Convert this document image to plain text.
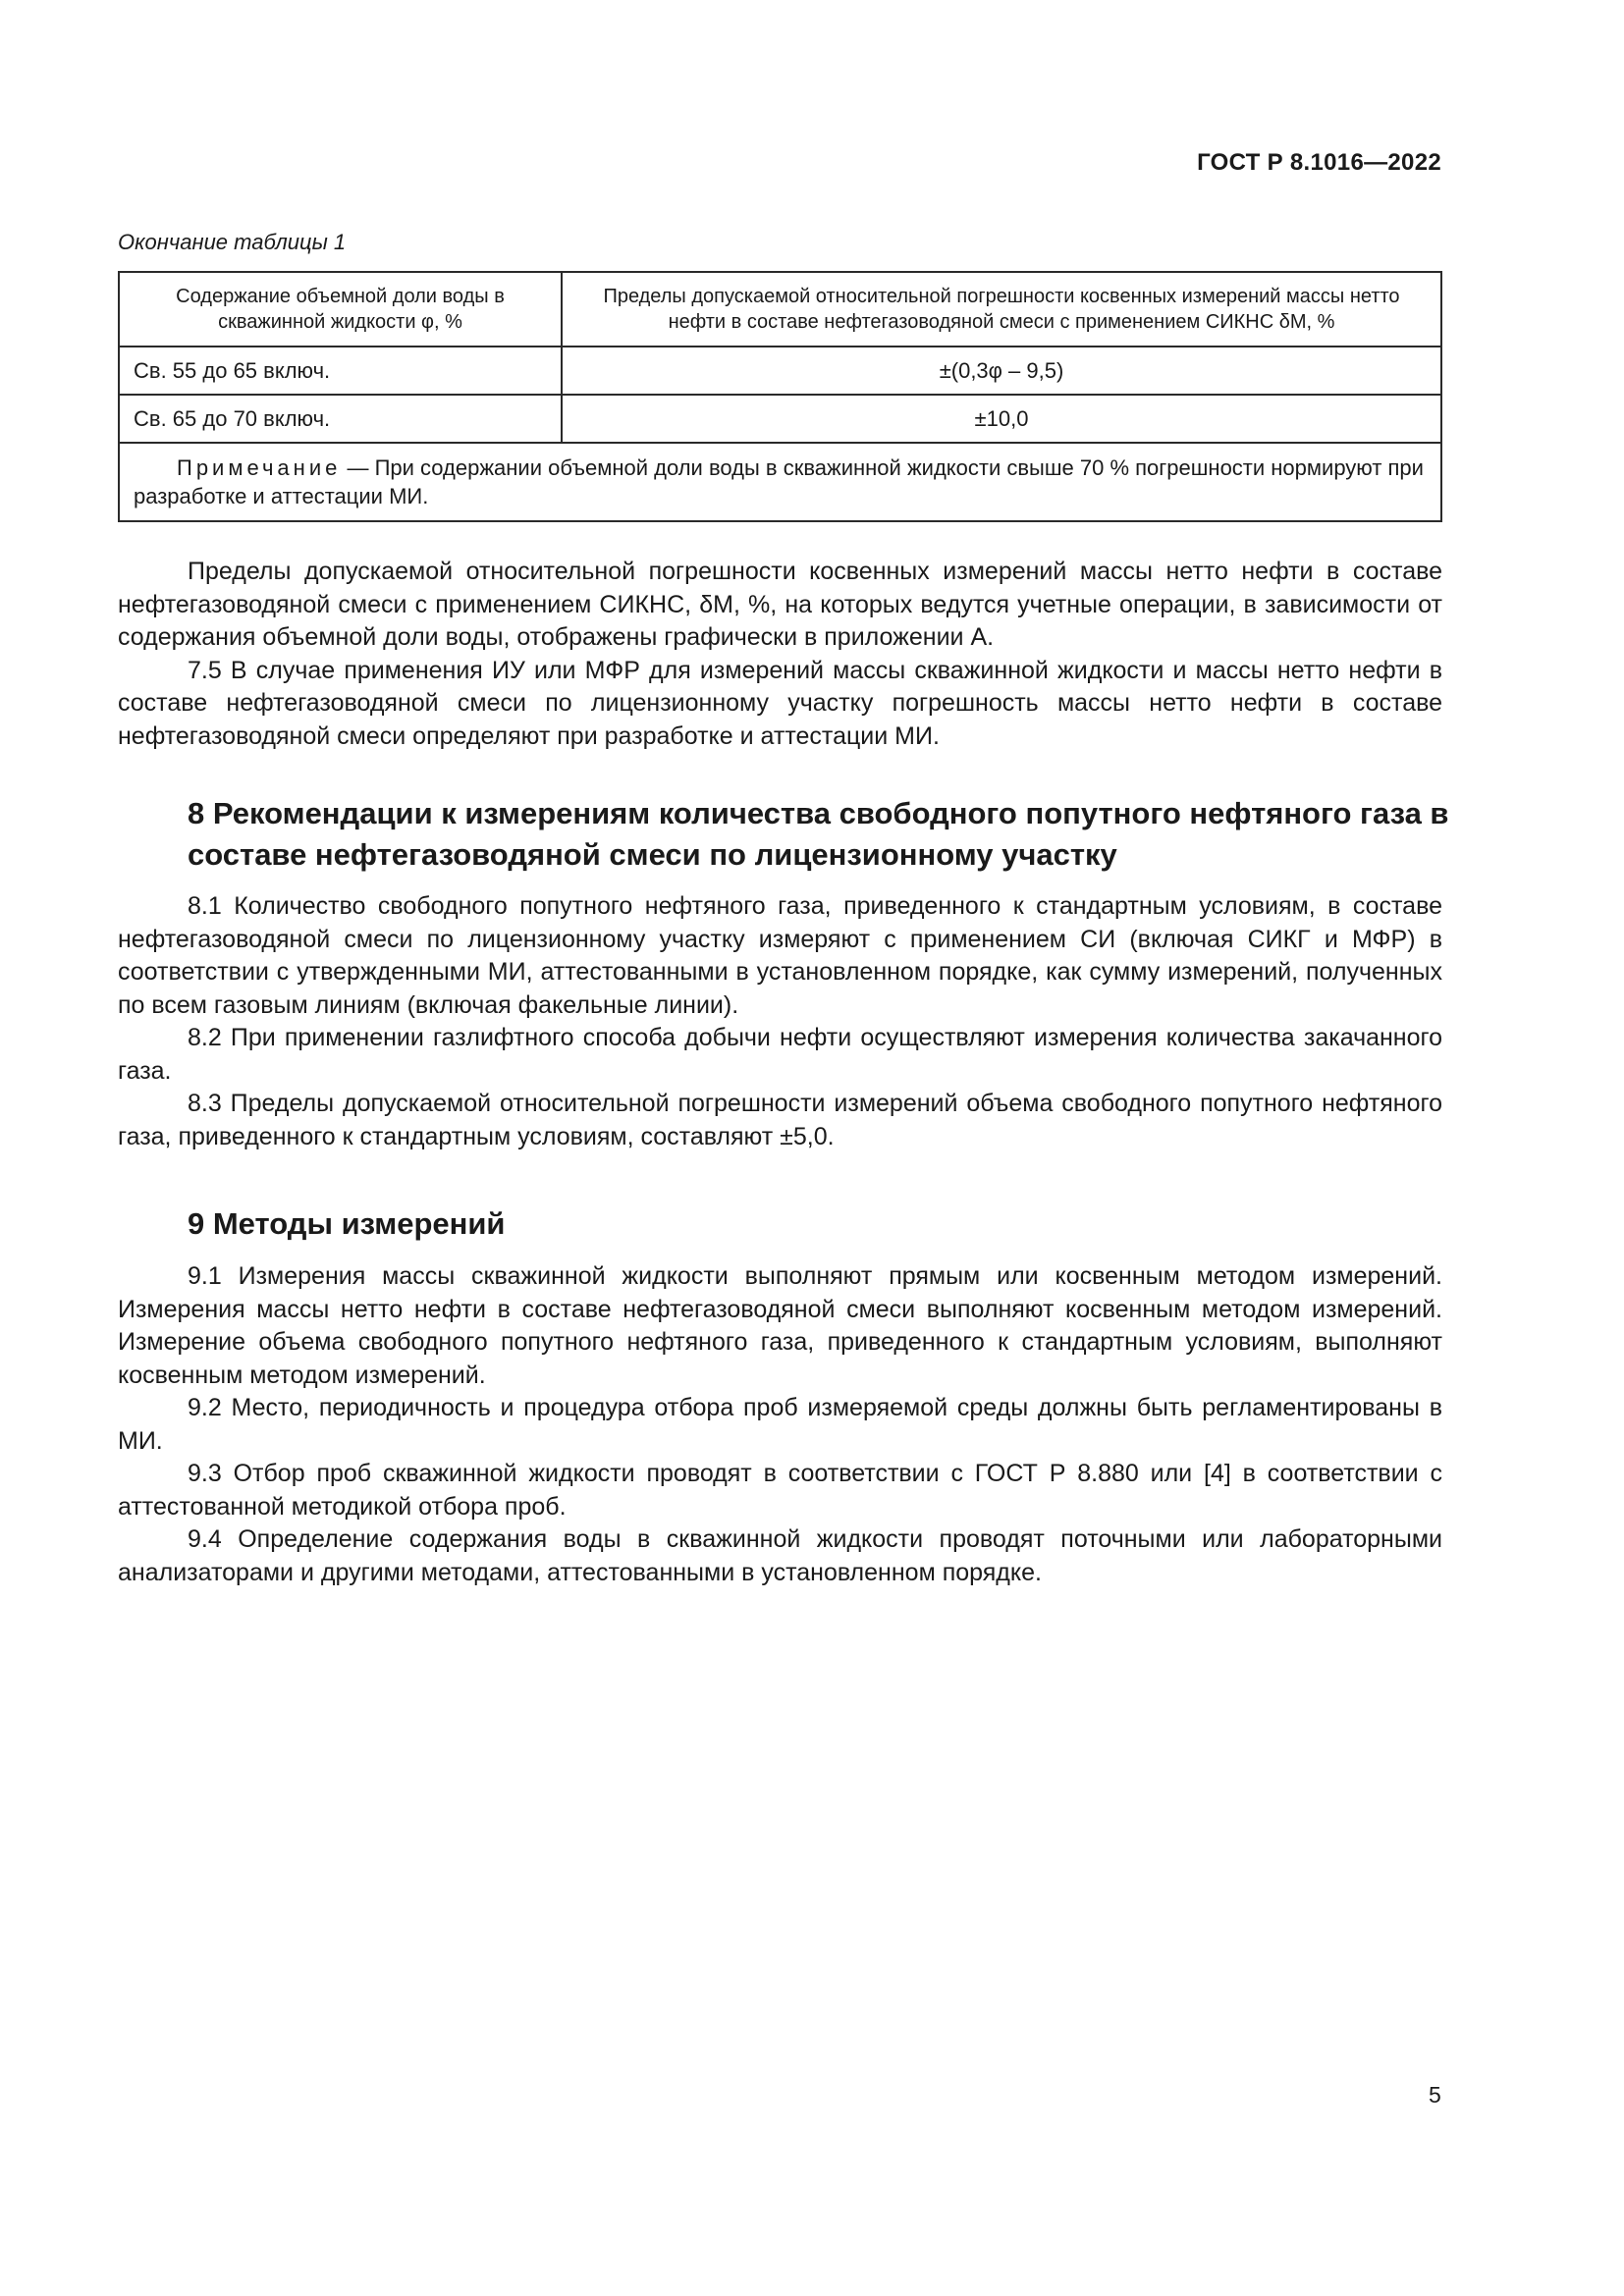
ГОСТ Р 8.1016—2022
Окончание таблицы 1
Содержание объемной доли воды в скважинной жидкости φ, %	Пределы допускаемой относительной погрешности косвенных измерений массы нетто нефти в составе нефтегазоводяной смеси с применением СИКНС δM, %
Св. 55 до 65 включ.	±(0,3φ – 9,5)
Св. 65 до 70 включ.	±10,0
Примечание — При содержании объемной доли воды в скважинной жидкости свыше 70 % погрешности нормируют при разработке и аттестации МИ.	

Пределы допускаемой относительной погрешности косвенных измерений массы нетто нефти в составе нефтегазоводяной смеси с применением СИКНС, δM, %, на которых ведутся учетные операции, в зависимости от содержания объемной доли воды, отображены графически в приложении А.

7.5 В случае применения ИУ или МФР для измерений массы скважинной жидкости и массы нетто нефти в составе нефтегазоводяной смеси по лицензионному участку погрешность массы нетто нефти в составе нефтегазоводяной смеси определяют при разработке и аттестации МИ.

8 Рекомендации к измерениям количества свободного попутного нефтяного газа в составе нефтегазоводяной смеси по лицензионному участку

8.1 Количество свободного попутного нефтяного газа, приведенного к стандартным условиям, в составе нефтегазоводяной смеси по лицензионному участку измеряют с применением СИ (включая СИКГ и МФР) в соответствии с утвержденными МИ, аттестованными в установленном порядке, как сумму измерений, полученных по всем газовым линиям (включая факельные линии).

8.2 При применении газлифтного способа добычи нефти осуществляют измерения количества закачанного газа.

8.3 Пределы допускаемой относительной погрешности измерений объема свободного попутного нефтяного газа, приведенного к стандартным условиям, составляют ±5,0.

9 Методы измерений

9.1 Измерения массы скважинной жидкости выполняют прямым или косвенным методом измерений. Измерения массы нетто нефти в составе нефтегазоводяной смеси выполняют косвенным методом измерений. Измерение объема свободного попутного нефтяного газа, приведенного к стандартным условиям, выполняют косвенным методом измерений.

9.2 Место, периодичность и процедура отбора проб измеряемой среды должны быть регламентированы в МИ.

9.3 Отбор проб скважинной жидкости проводят в соответствии с ГОСТ Р 8.880 или [4] в соответствии с аттестованной методикой отбора проб.

9.4 Определение содержания воды в скважинной жидкости проводят поточными или лабораторными анализаторами и другими методами, аттестованными в установленном порядке.

5
